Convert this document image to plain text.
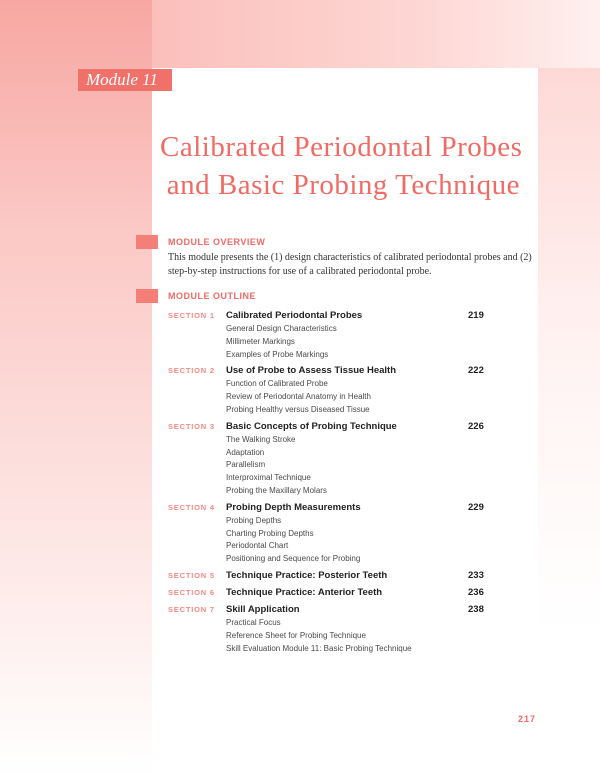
Module 11
Calibrated Periodontal Probes
and Basic Probing Technique
MODULE OVERVIEW
This module presents the (1) design characteristics of calibrated periodontal probes and (2) step-by-step instructions for use of a calibrated periodontal probe.
MODULE OUTLINE
SECTION 1	Calibrated Periodontal Probes	219
General Design Characteristics
Millimeter Markings
Examples of Probe Markings
SECTION 2	Use of Probe to Assess Tissue Health	222
Function of Calibrated Probe
Review of Periodontal Anatomy in Health
Probing Healthy versus Diseased Tissue
SECTION 3	Basic Concepts of Probing Technique	226
The Walking Stroke
Adaptation
Parallelism
Interproximal Technique
Probing the Maxillary Molars
SECTION 4	Probing Depth Measurements	229
Probing Depths
Charting Probing Depths
Periodontal Chart
Positioning and Sequence for Probing
SECTION 5	Technique Practice: Posterior Teeth	233
SECTION 6	Technique Practice: Anterior Teeth	236
SECTION 7	Skill Application	238
Practical Focus
Reference Sheet for Probing Technique
Skill Evaluation Module 11: Basic Probing Technique
217
